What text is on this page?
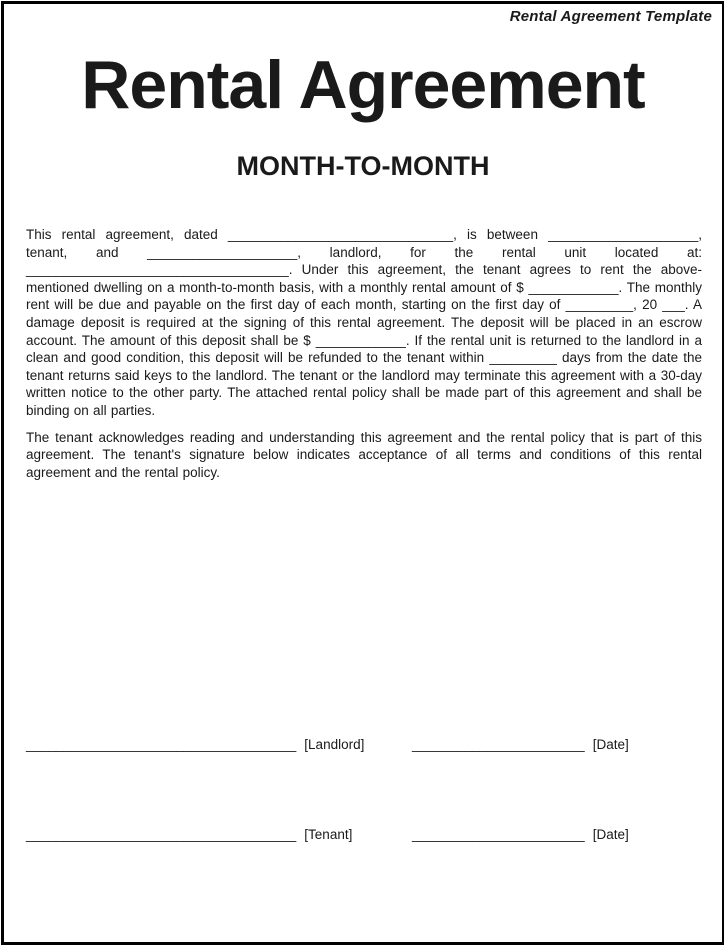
Rental Agreement Template
Rental Agreement
MONTH-TO-MONTH
This rental agreement, dated ______________________________, is between ____________________, tenant, and ____________________, landlord, for the rental unit located at: ___________________________________. Under this agreement, the tenant agrees to rent the above-mentioned dwelling on a month-to-month basis, with a monthly rental amount of $ ____________. The monthly rent will be due and payable on the first day of each month, starting on the first day of _________, 20 ___. A damage deposit is required at the signing of this rental agreement. The deposit will be placed in an escrow account. The amount of this deposit shall be $ ____________. If the rental unit is returned to the landlord in a clean and good condition, this deposit will be refunded to the tenant within _________ days from the date the tenant returns said keys to the landlord. The tenant or the landlord may terminate this agreement with a 30-day written notice to the other party. The attached rental policy shall be made part of this agreement and shall be binding on all parties.
The tenant acknowledges reading and understanding this agreement and the rental policy that is part of this agreement. The tenant's signature below indicates acceptance of all terms and conditions of this rental agreement and the rental policy.
____________________________________ [Landlord]	_______________________ [Date]
____________________________________ [Tenant]	_______________________ [Date]
